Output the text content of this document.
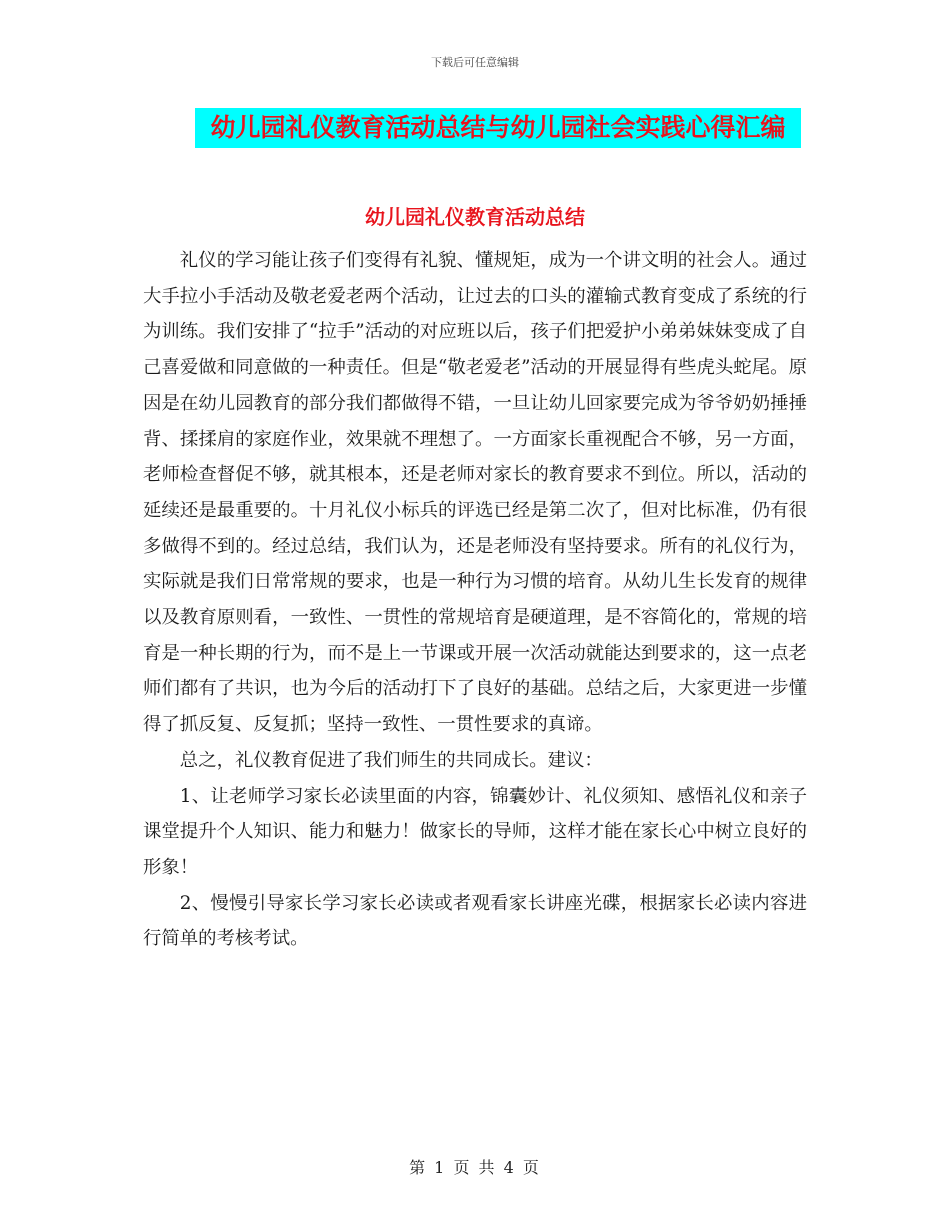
下载后可任意编辑
幼儿园礼仪教育活动总结与幼儿园社会实践心得汇编
幼儿园礼仪教育活动总结

礼仪的学习能让孩子们变得有礼貌、懂规矩，成为一个讲文明的社会人。通过大手拉小手活动及敬老爱老两个活动，让过去的口头的灌输式教育变成了系统的行为训练。我们安排了“拉手”活动的对应班以后，孩子们把爱护小弟弟妹妹变成了自己喜爱做和同意做的一种责任。但是“敬老爱老”活动的开展显得有些虎头蛇尾。原因是在幼儿园教育的部分我们都做得不错，一旦让幼儿回家要完成为爷爷奶奶捶捶背、揉揉肩的家庭作业，效果就不理想了。一方面家长重视配合不够，另一方面，老师检查督促不够，就其根本，还是老师对家长的教育要求不到位。所以，活动的延续还是最重要的。十月礼仪小标兵的评选已经是第二次了，但对比标准，仍有很多做得不到的。经过总结，我们认为，还是老师没有坚持要求。所有的礼仪行为，实际就是我们日常常规的要求，也是一种行为习惯的培育。从幼儿生长发育的规律以及教育原则看，一致性、一贯性的常规培育是硬道理，是不容简化的，常规的培育是一种长期的行为，而不是上一节课或开展一次活动就能达到要求的，这一点老师们都有了共识，也为今后的活动打下了良好的基础。总结之后，大家更进一步懂得了抓反复、反复抓；坚持一致性、一贯性要求的真谛。

总之，礼仪教育促进了我们师生的共同成长。建议：

1、让老师学习家长必读里面的内容，锦囊妙计、礼仪须知、感悟礼仪和亲子课堂提升个人知识、能力和魅力！做家长的导师，这样才能在家长心中树立良好的形象！

2、慢慢引导家长学习家长必读或者观看家长讲座光碟，根据家长必读内容进行简单的考核考试。

第 1 页 共 4 页
